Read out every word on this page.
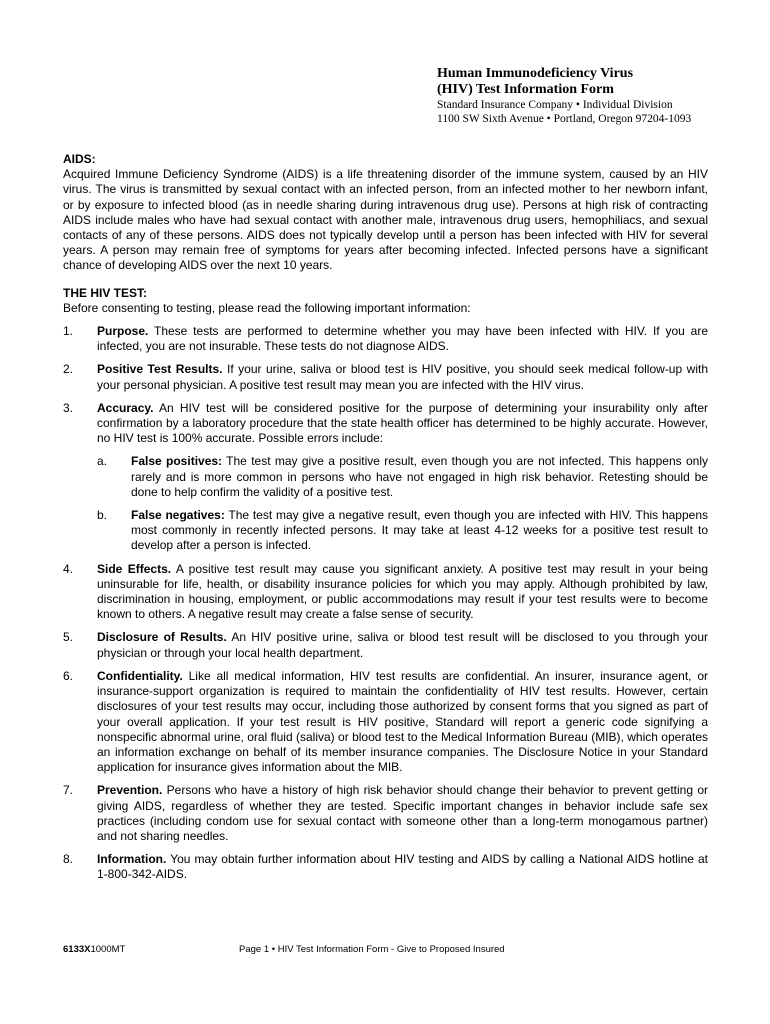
Human Immunodeficiency Virus

(HIV) Test Information Form

Standard Insurance Company • Individual Division

1100 SW Sixth Avenue • Portland, Oregon 97204-1093

AIDS:

Acquired Immune Deficiency Syndrome (AIDS) is a life threatening disorder of the immune system, caused by an HIV virus. The virus is transmitted by sexual contact with an infected person, from an infected mother to her newborn infant, or by exposure to infected blood (as in needle sharing during intravenous drug use). Persons at high risk of contracting AIDS include males who have had sexual contact with another male, intravenous drug users, hemophiliacs, and sexual contacts of any of these persons. AIDS does not typically develop until a person has been infected with HIV for several years. A person may remain free of symptoms for years after becoming infected. Infected persons have a significant chance of developing AIDS over the next 10 years.

THE HIV TEST:

Before consenting to testing, please read the following important information:

1. Purpose. These tests are performed to determine whether you may have been infected with HIV. If you are infected, you are not insurable. These tests do not diagnose AIDS.
2. Positive Test Results. If your urine, saliva or blood test is HIV positive, you should seek medical follow-up with your personal physician. A positive test result may mean you are infected with the HIV virus.
3. Accuracy. An HIV test will be considered positive for the purpose of determining your insurability only after confirmation by a laboratory procedure that the state health officer has determined to be highly accurate. However, no HIV test is 100% accurate. Possible errors include:
a. False positives: The test may give a positive result, even though you are not infected. This happens only rarely and is more common in persons who have not engaged in high risk behavior. Retesting should be done to help confirm the validity of a positive test.
b. False negatives: The test may give a negative result, even though you are infected with HIV. This happens most commonly in recently infected persons. It may take at least 4-12 weeks for a positive test result to develop after a person is infected.
4. Side Effects. A positive test result may cause you significant anxiety. A positive test may result in your being uninsurable for life, health, or disability insurance policies for which you may apply. Although prohibited by law, discrimination in housing, employment, or public accommodations may result if your test results were to become known to others. A negative result may create a false sense of security.
5. Disclosure of Results. An HIV positive urine, saliva or blood test result will be disclosed to you through your physician or through your local health department.
6. Confidentiality. Like all medical information, HIV test results are confidential. An insurer, insurance agent, or insurance-support organization is required to maintain the confidentiality of HIV test results. However, certain disclosures of your test results may occur, including those authorized by consent forms that you signed as part of your overall application. If your test result is HIV positive, Standard will report a generic code signifying a nonspecific abnormal urine, oral fluid (saliva) or blood test to the Medical Information Bureau (MIB), which operates an information exchange on behalf of its member insurance companies. The Disclosure Notice in your Standard application for insurance gives information about the MIB.
7. Prevention. Persons who have a history of high risk behavior should change their behavior to prevent getting or giving AIDS, regardless of whether they are tested. Specific important changes in behavior include safe sex practices (including condom use for sexual contact with someone other than a long-term monogamous partner) and not sharing needles.
8. Information. You may obtain further information about HIV testing and AIDS by calling a National AIDS hotline at 1-800-342-AIDS.
6133X1000MT	Page 1 • HIV Test Information Form - Give to Proposed Insured
